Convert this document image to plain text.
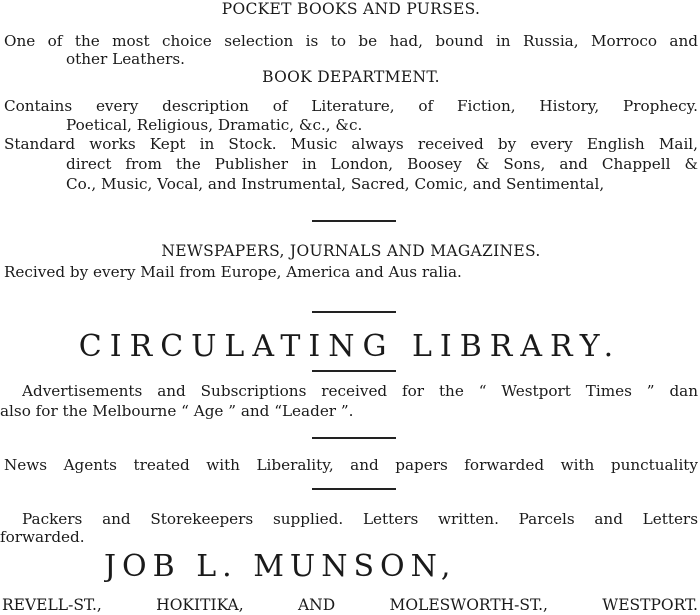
POCKET BOOKS AND PURSES.
One of the most choice selection is to be had, bound in Russia, Morroco and
other Leathers.
BOOK DEPARTMENT.
Contains every description of Literature, of Fiction, History, Prophecy.
Poetical, Religious, Dramatic, &c., &c.
Standard works Kept in Stock. Music always received by every English Mail,
direct from the Publisher in London, Boosey & Sons, and Chappell &
Co., Music, Vocal, and Instrumental, Sacred, Comic, and Sentimental,
NEWSPAPERS, JOURNALS AND MAGAZINES.
Recived by every Mail from Europe, America and Aus ralia.
CIRCULATING LIBRARY.
Advertisements and Subscriptions received for the “ Westport Times ” dan
also for the Melbourne “ Age ” and “Leader ”.
News Agents treated with Liberality, and papers forwarded with punctuality
Packers and Storekeepers supplied. Letters written. Parcels and Letters
forwarded.
JOB L. MUNSON,
REVELL-ST., HOKITIKA, AND MOLESWORTH-ST., WESTPORT.
